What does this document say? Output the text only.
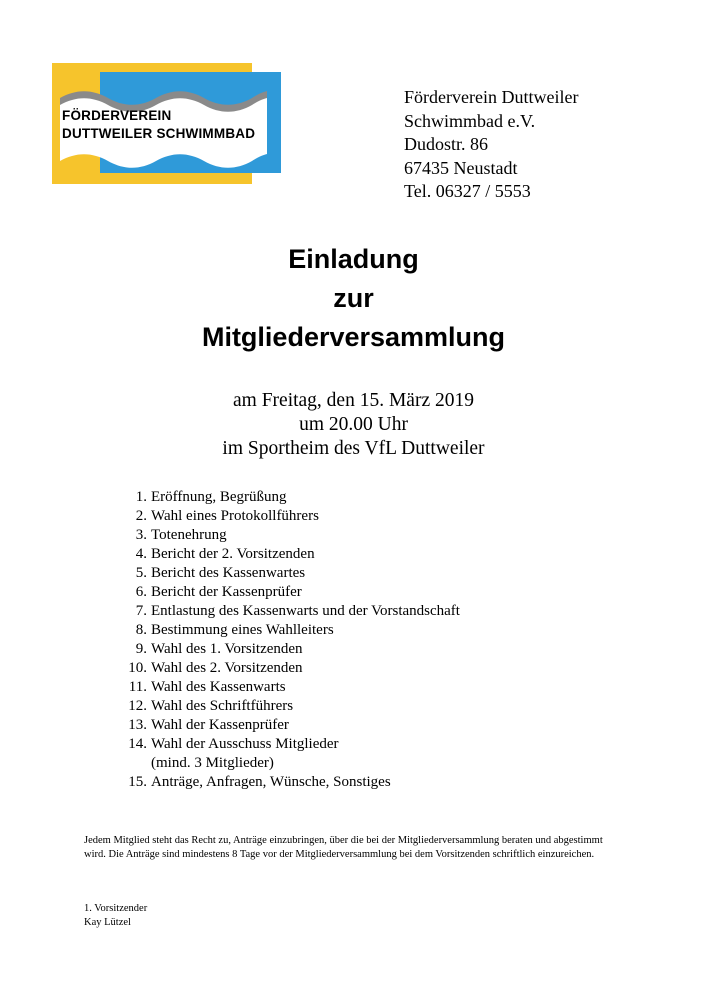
FÖRDERVEREIN
DUTTWEILER SCHWIMMBAD
Förderverein Duttweiler
Schwimmbad e.V.
Dudostr. 86
67435 Neustadt
Tel. 06327 / 5553
Einladung
zur
Mitgliederversammlung
am Freitag, den 15. März 2019
um 20.00 Uhr
im Sportheim des VfL Duttweiler
1. Eröffnung, Begrüßung
2. Wahl eines Protokollführers
3. Totenehrung
4. Bericht der 2. Vorsitzenden
5. Bericht des Kassenwartes
6. Bericht der Kassenprüfer
7. Entlastung des Kassenwarts und der Vorstandschaft
8. Bestimmung eines Wahlleiters
9. Wahl des 1. Vorsitzenden
10. Wahl des 2. Vorsitzenden
11. Wahl des Kassenwarts
12. Wahl des Schriftführers
13. Wahl der Kassenprüfer
14. Wahl der Ausschuss Mitglieder
(mind. 3 Mitglieder)
15. Anträge, Anfragen, Wünsche, Sonstiges
Jedem Mitglied steht das Recht zu, Anträge einzubringen, über die bei der Mitgliederversammlung beraten und abgestimmt wird. Die Anträge sind mindestens 8 Tage vor der Mitgliederversammlung bei dem Vorsitzenden schriftlich einzureichen.
1. Vorsitzender
Kay Lützel
